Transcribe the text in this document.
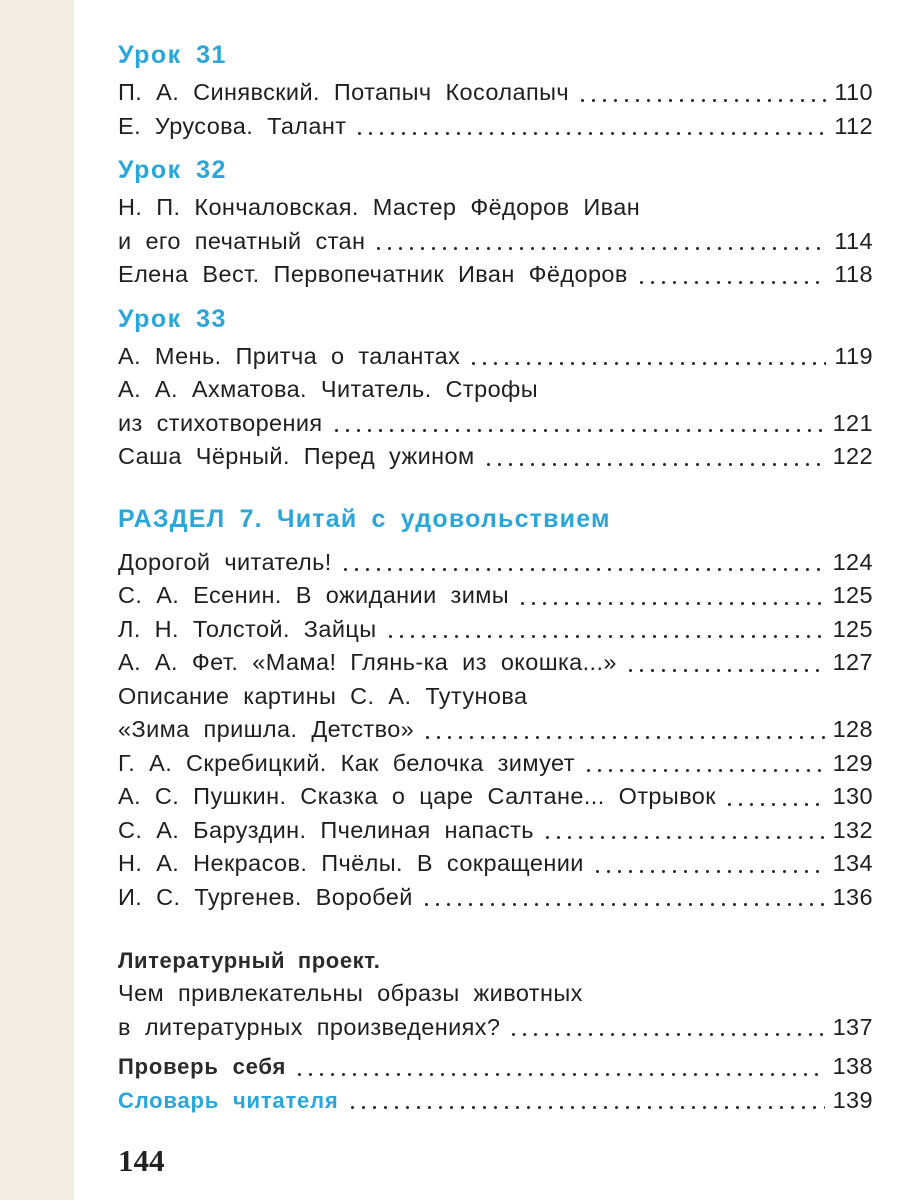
Урок 31
П. А. Синявский. Потапыч Косолапыч	110
Е. Урусова. Талант	112
Урок 32
Н. П. Кончаловская. Мастер Фёдоров Иван
и его печатный стан	114
Елена Вест. Первопечатник Иван Фёдоров	118
Урок 33
А. Мень. Притча о талантах	119
А. А. Ахматова. Читатель. Строфы
из стихотворения	121
Саша Чёрный. Перед ужином	122
РАЗДЕЛ 7. Читай с удовольствием
Дорогой читатель!	124
С. А. Есенин. В ожидании зимы	125
Л. Н. Толстой. Зайцы	125
А. А. Фет. «Мама! Глянь-ка из окошка...»	127
Описание картины С. А. Тутунова
«Зима пришла. Детство»	128
Г. А. Скребицкий. Как белочка зимует	129
А. С. Пушкин. Сказка о царе Салтане... Отрывок	130
С. А. Баруздин. Пчелиная напасть	132
Н. А. Некрасов. Пчёлы. В сокращении	134
И. С. Тургенев. Воробей	136
Литературный проект.
Чем привлекательны образы животных
в литературных произведениях?	137
Проверь себя	138
Словарь читателя	139
144
